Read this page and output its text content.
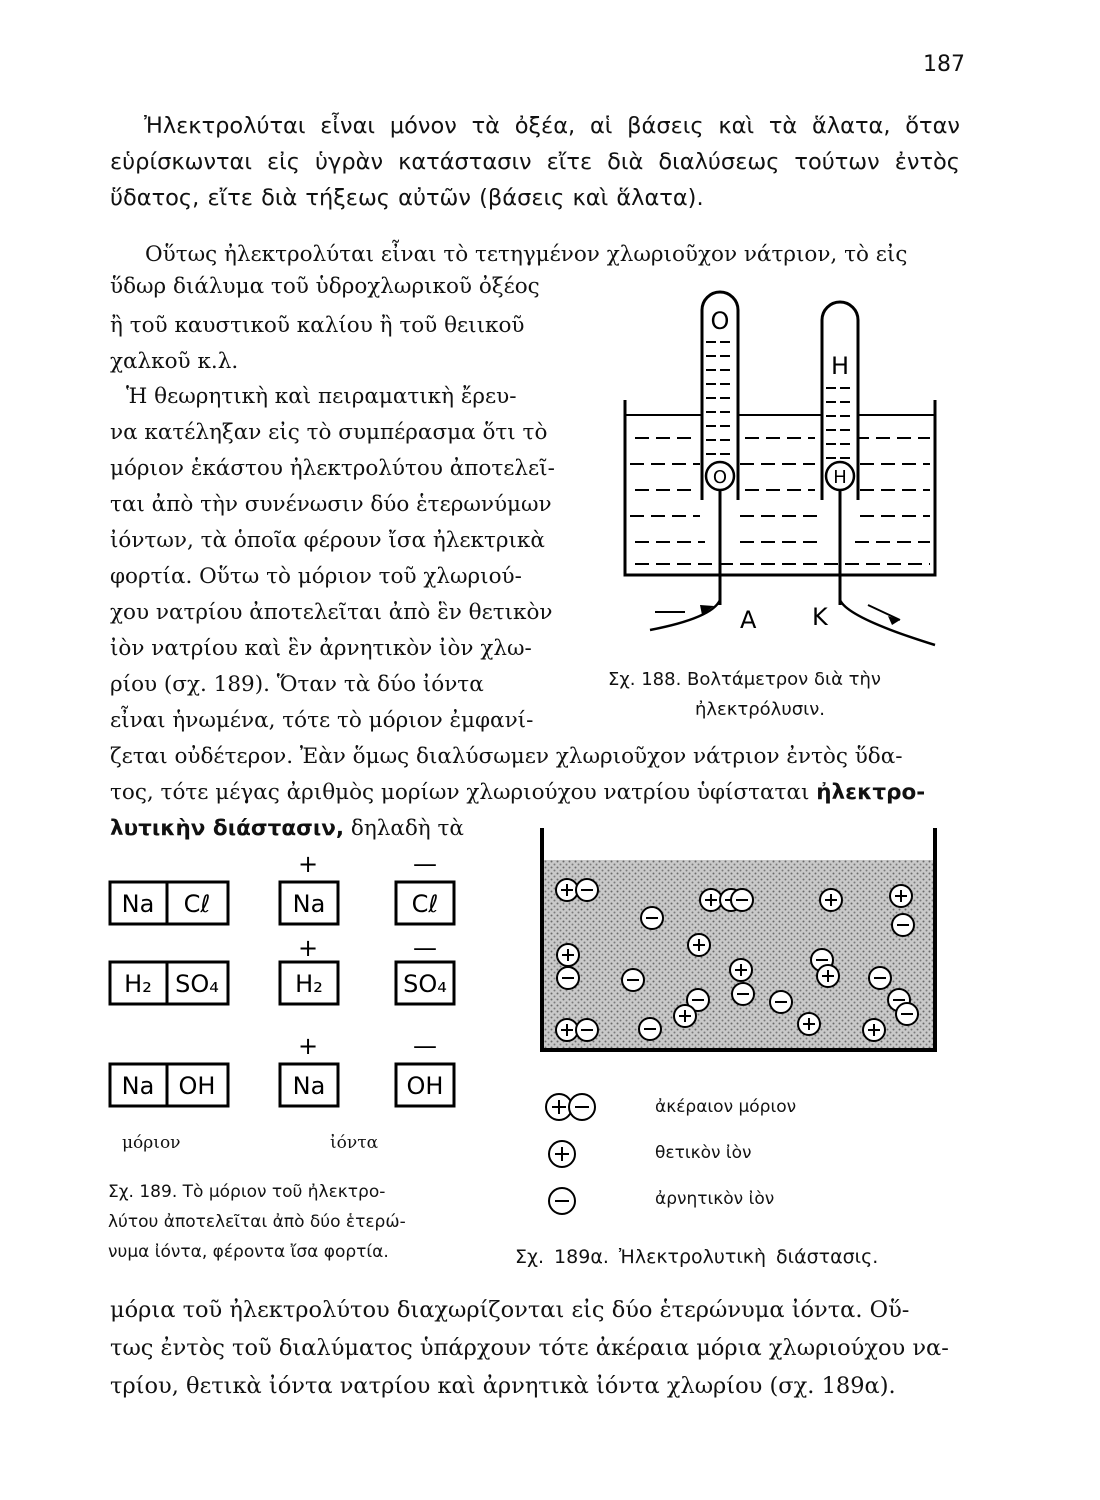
187

Ἠλεκτρολύται εἶναι μόνον τὰ ὀξέα, αἱ βάσεις καὶ τὰ ἅλατα, ὅταν εὑρίσκωνται εἰς ὑγρὰν κατάστασιν εἴτε διὰ διαλύσεως τούτων ἐντὸς ὕδατος, εἴτε διὰ τήξεως αὐτῶν (βάσεις καὶ ἅλατα).

Οὕτως ἠλεκτρολύται εἶναι τὸ τετηγμένον χλωριοῦχον νάτριον, τὸ εἰς
ὕδωρ διάλυμα τοῦ ὑδροχλωρικοῦ ὀξέος
ἢ τοῦ καυστικοῦ καλίου ἢ τοῦ θειικοῦ
χαλκοῦ κ.λ.
Ἡ θεωρητικὴ καὶ πειραματικὴ ἔρευ-
να κατέληξαν εἰς τὸ συμπέρασμα ὅτι τὸ
μόριον ἑκάστου ἠλεκτρολύτου ἀποτελεῖ-
ται ἀπὸ τὴν συνένωσιν δύο ἑτερωνύμων
ἰόντων, τὰ ὁποῖα φέρουν ἴσα ἠλεκτρικὰ
φορτία. Οὕτω τὸ μόριον τοῦ χλωριού-
χου νατρίου ἀποτελεῖται ἀπὸ ἓν θετικὸν
ἰὸν νατρίου καὶ ἓν ἀρνητικὸν ἰὸν χλω-
ρίου (σχ. 189). Ὅταν τὰ δύο ἰόντα
εἶναι ἡνωμένα, τότε τὸ μόριον ἐμφανί-
ζεται οὐδέτερον. Ἐὰν ὅμως διαλύσωμεν χλωριοῦχον νάτριον ἐντὸς ὕδα-
τος, τότε μέγας ἀριθμὸς μορίων χλωριούχου νατρίου ὑφίσταται ἠλεκτρο-
λυτικὴν διάστασιν, δηλαδὴ τὰ
O
H
O	H
A K
Σχ. 188. Βολτάμετρον διὰ τὴν
ἠλεκτρόλυσιν.
Na Cℓ
+	—
Na	Cℓ
H₂ SO₄
+	—
H₂	SO₄
Na OH
+	—
Na	OH
μόριον	ἰόντα
Σχ. 189. Τὸ μόριον τοῦ ἠλεκτρο-
λύτου ἀποτελεῖται ἀπὸ δύο ἑτερώ-
νυμα ἰόντα, φέροντα ἴσα φορτία.
ἀκέραιον μόριον
θετικὸν ἰὸν
ἀρνητικὸν ἰὸν
Σχ. 189α. Ἠλεκτρολυτικὴ διάστασις.
μόρια τοῦ ἠλεκτρολύτου διαχωρίζονται εἰς δύο ἑτερώνυμα ἰόντα. Οὕ-
τως ἐντὸς τοῦ διαλύματος ὑπάρχουν τότε ἀκέραια μόρια χλωριούχου να-
τρίου, θετικὰ ἰόντα νατρίου καὶ ἀρνητικὰ ἰόντα χλωρίου (σχ. 189α).
